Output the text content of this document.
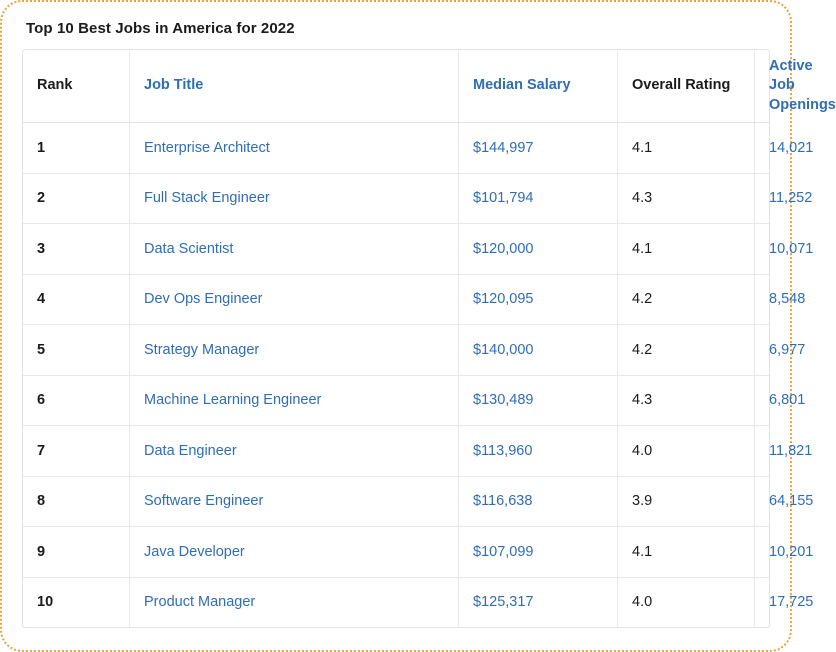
Top 10 Best Jobs in America for 2022
Rank	Job Title	Median Salary	Overall Rating	Active Job Openings
1	Enterprise Architect	$144,997	4.1	14,021
2	Full Stack Engineer	$101,794	4.3	11,252
3	Data Scientist	$120,000	4.1	10,071
4	Dev Ops Engineer	$120,095	4.2	8,548
5	Strategy Manager	$140,000	4.2	6,977
6	Machine Learning Engineer	$130,489	4.3	6,801
7	Data Engineer	$113,960	4.0	11,821
8	Software Engineer	$116,638	3.9	64,155
9	Java Developer	$107,099	4.1	10,201
10	Product Manager	$125,317	4.0	17,725
